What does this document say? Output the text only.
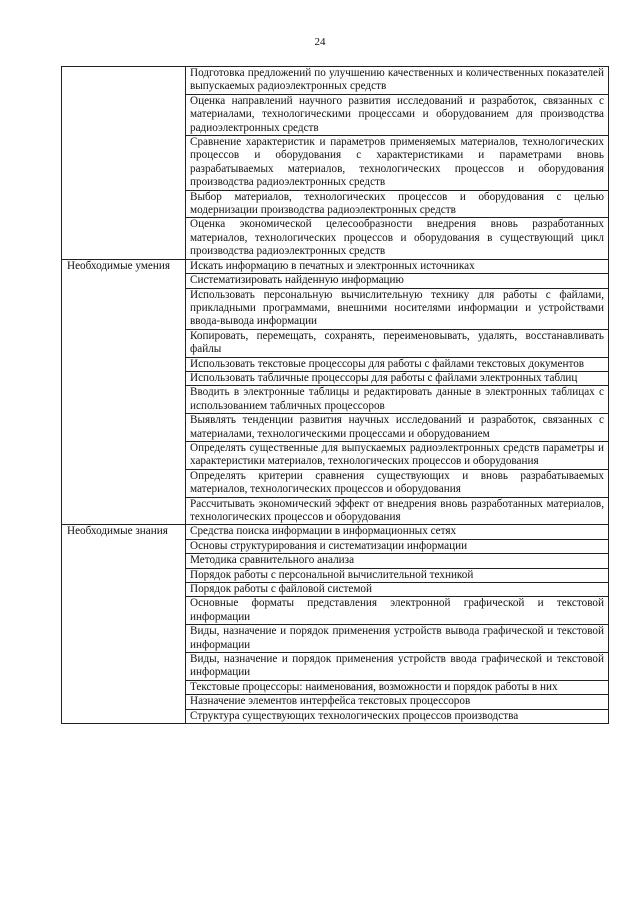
24
	Подготовка предложений по улучшению качественных и количественных показателей выпускаемых радиоэлектронных средств
	Оценка направлений научного развития исследований и разработок, связанных с материалами, технологическими процессами и оборудованием для производства радиоэлектронных средств
	Сравнение характеристик и параметров применяемых материалов, технологических процессов и оборудования с характеристиками и параметрами вновь разрабатываемых материалов, технологических процессов и оборудования производства радиоэлектронных средств
	Выбор материалов, технологических процессов и оборудования с целью модернизации производства радиоэлектронных средств
	Оценка экономической целесообразности внедрения вновь разработанных материалов, технологических процессов и оборудования в существующий цикл производства радиоэлектронных средств
Необходимые умения	Искать информацию в печатных и электронных источниках
	Систематизировать найденную информацию
	Использовать персональную вычислительную технику для работы с файлами, прикладными программами, внешними носителями информации и устройствами ввода-вывода информации
	Копировать, перемещать, сохранять, переименовывать, удалять, восстанавливать файлы
	Использовать текстовые процессоры для работы с файлами текстовых документов
	Использовать табличные процессоры для работы с файлами электронных таблиц
	Вводить в электронные таблицы и редактировать данные в электронных таблицах с использованием табличных процессоров
	Выявлять тенденции развития научных исследований и разработок, связанных с материалами, технологическими процессами и оборудованием
	Определять существенные для выпускаемых радиоэлектронных средств параметры и характеристики материалов, технологических процессов и оборудования
	Определять критерии сравнения существующих и вновь разрабатываемых материалов, технологических процессов и оборудования
	Рассчитывать экономический эффект от внедрения вновь разработанных материалов, технологических процессов и оборудования
Необходимые знания	Средства поиска информации в информационных сетях
	Основы структурирования и систематизации информации
	Методика сравнительного анализа
	Порядок работы с персональной вычислительной техникой
	Порядок работы с файловой системой
	Основные форматы представления электронной графической и текстовой информации
	Виды, назначение и порядок применения устройств вывода графической и текстовой информации
	Виды, назначение и порядок применения устройств ввода графической и текстовой информации
	Текстовые процессоры: наименования, возможности и порядок работы в них
	Назначение элементов интерфейса текстовых процессоров
	Структура существующих технологических процессов производства
